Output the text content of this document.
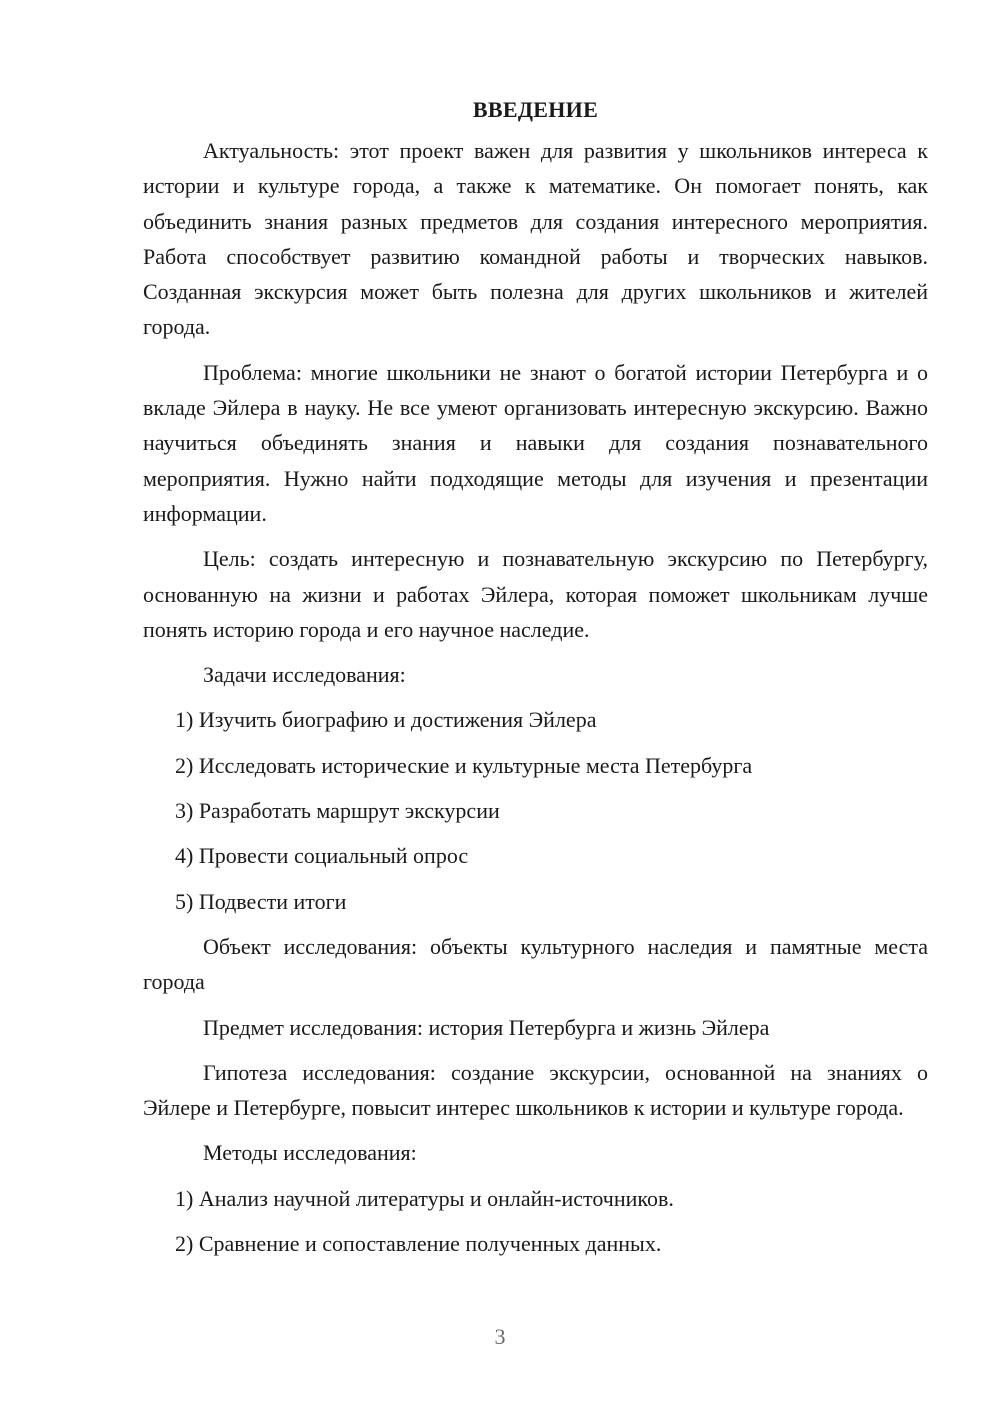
ВВЕДЕНИЕ

Актуальность: этот проект важен для развития у школьников интереса к истории и культуре города, а также к математике. Он помогает понять, как объединить знания разных предметов для создания интересного мероприятия. Работа способствует развитию командной работы и творческих навыков. Созданная экскурсия может быть полезна для других школьников и жителей города.

Проблема: многие школьники не знают о богатой истории Петербурга и о вкладе Эйлера в науку. Не все умеют организовать интересную экскурсию. Важно научиться объединять знания и навыки для создания познавательного мероприятия. Нужно найти подходящие методы для изучения и презентации информации.

Цель: создать интересную и познавательную экскурсию по Петербургу, основанную на жизни и работах Эйлера, которая поможет школьникам лучше понять историю города и его научное наследие.

Задачи исследования:

1) Изучить биографию и достижения Эйлера
2) Исследовать исторические и культурные места Петербурга
3) Разработать маршрут экскурсии
4) Провести социальный опрос
5) Подвести итоги

Объект исследования: объекты культурного наследия и памятные места города

Предмет исследования: история Петербурга и жизнь Эйлера

Гипотеза исследования: создание экскурсии, основанной на знаниях о Эйлере и Петербурге, повысит интерес школьников к истории и культуре города.

Методы исследования:

1) Анализ научной литературы и онлайн-источников.
2) Сравнение и сопоставление полученных данных.
3
